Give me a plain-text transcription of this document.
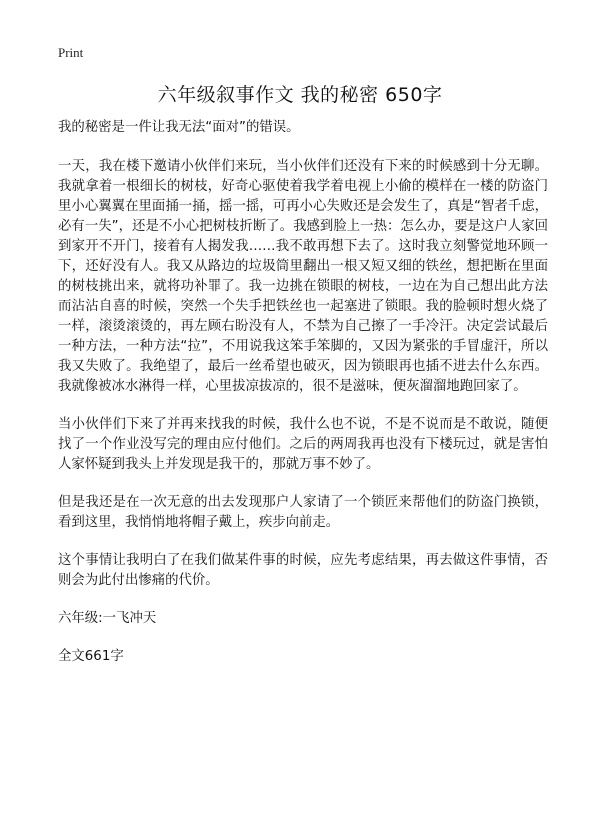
Print
六年级叙事作文 我的秘密 650字

我的秘密是一件让我无法“面对”的错误。

一天，我在楼下邀请小伙伴们来玩，当小伙伴们还没有下来的时候感到十分无聊。我就拿着一根细长的树枝，好奇心驱使着我学着电视上小偷的模样在一楼的防盗门里小心翼翼在里面捅一捅，摇一摇，可再小心失败还是会发生了，真是“智者千虑，必有一失”，还是不小心把树枝折断了。我感到脸上一热：怎么办，要是这户人家回到家开不开门，接着有人揭发我……我不敢再想下去了。这时我立刻警觉地环顾一下，还好没有人。我又从路边的垃圾筒里翻出一根又短又细的铁丝，想把断在里面的树枝挑出来，就将功补罪了。我一边挑在锁眼的树枝，一边在为自己想出此方法而沾沾自喜的时候，突然一个失手把铁丝也一起塞进了锁眼。我的脸顿时想火烧了一样，滚烫滚烫的，再左顾右盼没有人，不禁为自己擦了一手冷汗。决定尝试最后一种方法，一种方法“拉”，不用说我这笨手笨脚的，又因为紧张的手冒虚汗，所以我又失败了。我绝望了，最后一丝希望也破灭，因为锁眼再也插不进去什么东西。我就像被冰水淋得一样，心里拔凉拔凉的，很不是滋味，便灰溜溜地跑回家了。

当小伙伴们下来了并再来找我的时候，我什么也不说，不是不说而是不敢说，随便找了一个作业没写完的理由应付他们。之后的两周我再也没有下楼玩过，就是害怕人家怀疑到我头上并发现是我干的，那就万事不妙了。

但是我还是在一次无意的出去发现那户人家请了一个锁匠来帮他们的防盗门换锁，看到这里，我悄悄地将帽子戴上，疾步向前走。

这个事情让我明白了在我们做某件事的时候，应先考虑结果，再去做这件事情，否则会为此付出惨痛的代价。

六年级:一飞冲天

全文661字
